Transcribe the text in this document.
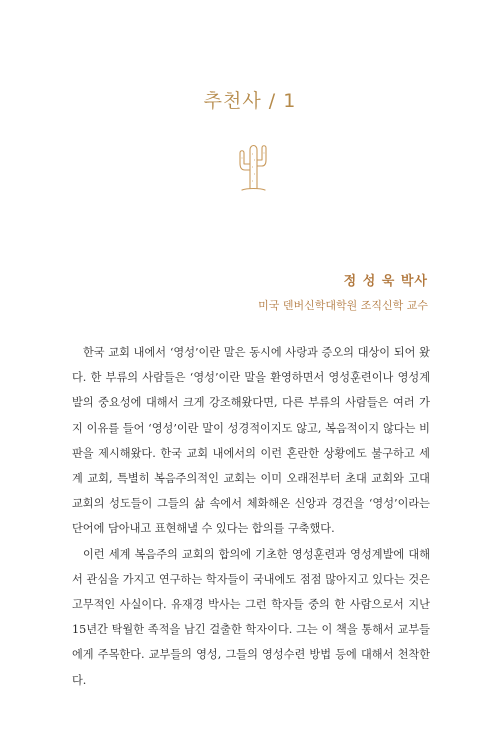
추천사 / 1
정 성 욱 박사
미국 덴버신학대학원 조직신학 교수

한국 교회 내에서 ‘영성’이란 말은 동시에 사랑과 증오의 대상이 되어 왔다. 한 부류의 사람들은 ‘영성’이란 말을 환영하면서 영성훈련이나 영성계발의 중요성에 대해서 크게 강조해왔다면, 다른 부류의 사람들은 여러 가지 이유를 들어 ‘영성’이란 말이 성경적이지도 않고, 복음적이지 않다는 비판을 제시해왔다. 한국 교회 내에서의 이런 혼란한 상황에도 불구하고 세계 교회, 특별히 복음주의적인 교회는 이미 오래전부터 초대 교회와 고대 교회의 성도들이 그들의 삶 속에서 체화해온 신앙과 경건을 ‘영성’이라는 단어에 담아내고 표현해낼 수 있다는 합의를 구축했다.

이런 세계 복음주의 교회의 합의에 기초한 영성훈련과 영성계발에 대해서 관심을 가지고 연구하는 학자들이 국내에도 점점 많아지고 있다는 것은 고무적인 사실이다. 유재경 박사는 그런 학자들 중의 한 사람으로서 지난 15년간 탁월한 족적을 남긴 걸출한 학자이다. 그는 이 책을 통해서 교부들에게 주목한다. 교부들의 영성, 그들의 영성수련 방법 등에 대해서 천착한다.
